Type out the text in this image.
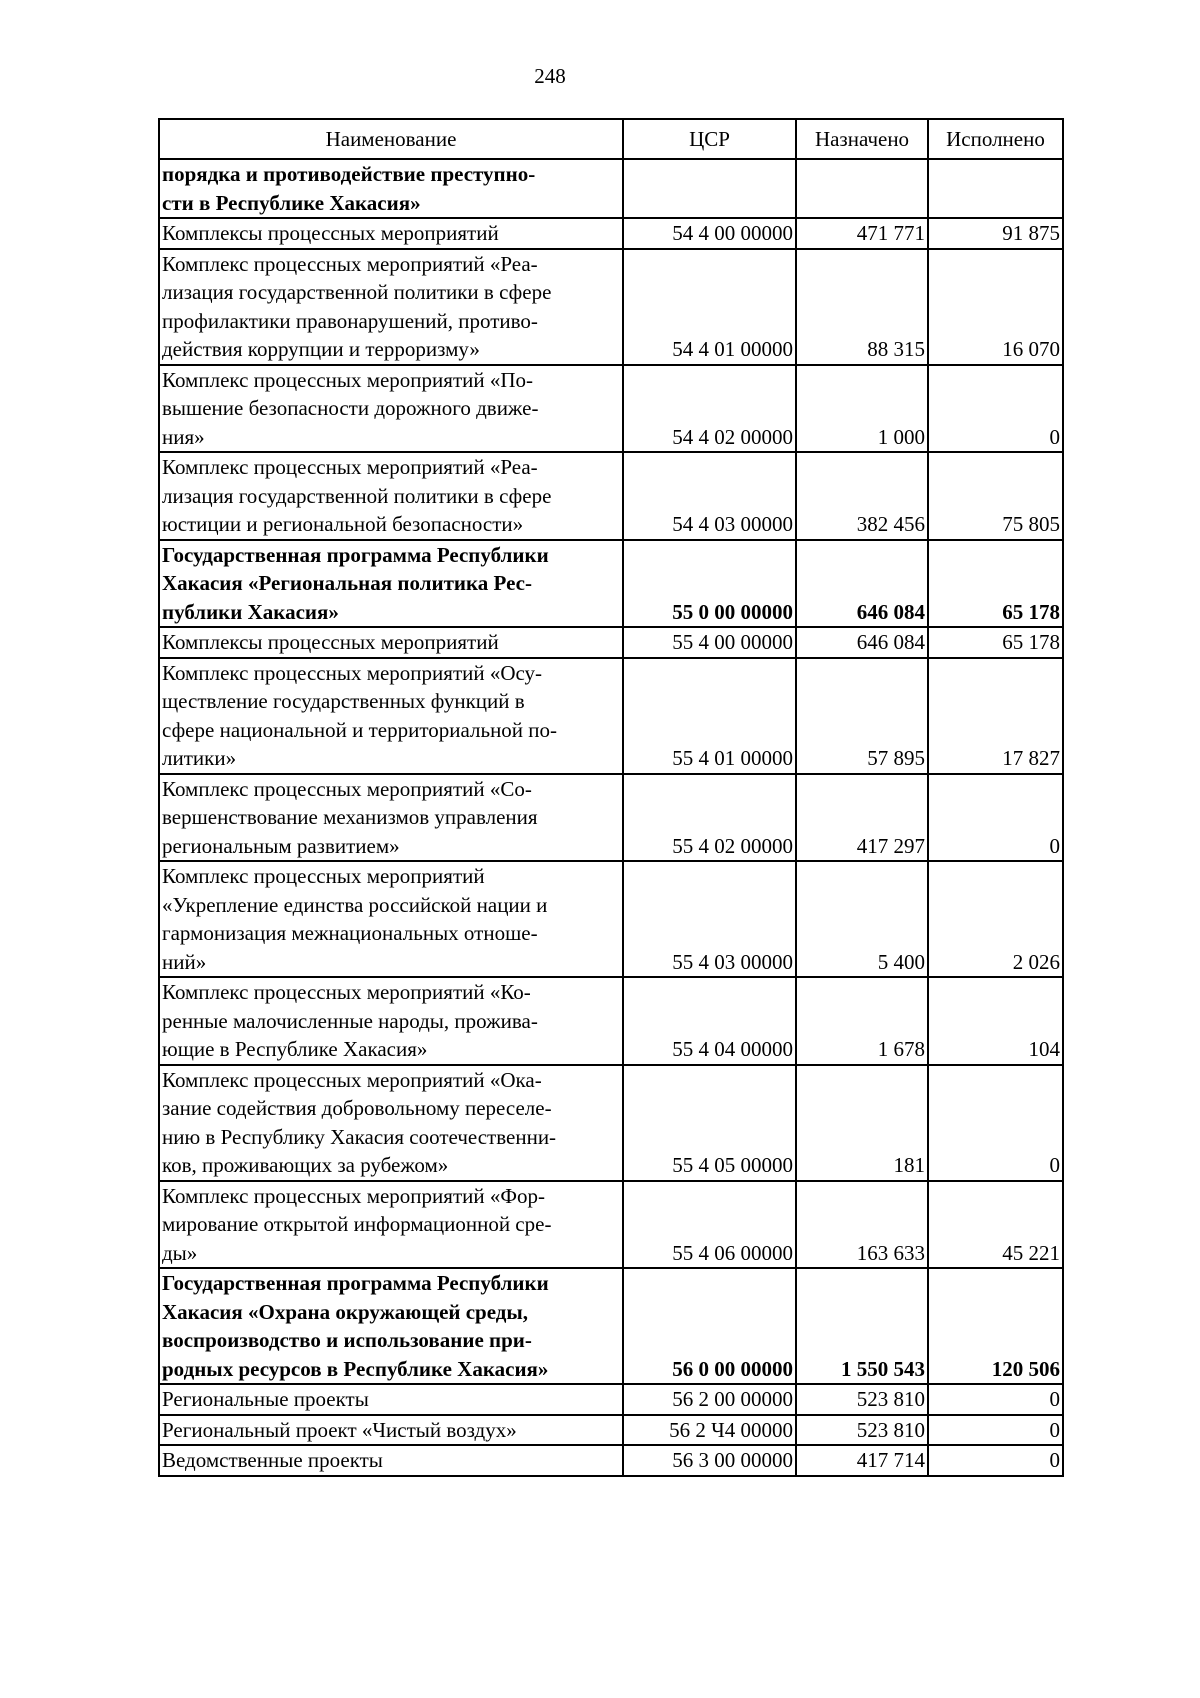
248
Наименование	ЦСР	Назначено	Исполнено
порядка и противодействие преступно-
сти в Республике Хакасия»			
Комплексы процессных мероприятий	54 4 00 00000	471 771	91 875
Комплекс процессных мероприятий «Реа-
лизация государственной политики в сфере
профилактики правонарушений, противо-
действия коррупции и терроризму»	54 4 01 00000	88 315	16 070
Комплекс процессных мероприятий «По-
вышение безопасности дорожного движе-
ния»	54 4 02 00000	1 000	0
Комплекс процессных мероприятий «Реа-
лизация государственной политики в сфере
юстиции и региональной безопасности»	54 4 03 00000	382 456	75 805
Государственная программа Республики
Хакасия «Региональная политика Рес-
публики Хакасия»	55 0 00 00000	646 084	65 178
Комплексы процессных мероприятий	55 4 00 00000	646 084	65 178
Комплекс процессных мероприятий «Осу-
ществление государственных функций в
сфере национальной и территориальной по-
литики»	55 4 01 00000	57 895	17 827
Комплекс процессных мероприятий «Со-
вершенствование механизмов управления
региональным развитием»	55 4 02 00000	417 297	0
Комплекс процессных мероприятий
«Укрепление единства российской нации и
гармонизация межнациональных отноше-
ний»	55 4 03 00000	5 400	2 026
Комплекс процессных мероприятий «Ко-
ренные малочисленные народы, прожива-
ющие в Республике Хакасия»	55 4 04 00000	1 678	104
Комплекс процессных мероприятий «Ока-
зание содействия добровольному переселе-
нию в Республику Хакасия соотечественни-
ков, проживающих за рубежом»	55 4 05 00000	181	0
Комплекс процессных мероприятий «Фор-
мирование открытой информационной сре-
ды»	55 4 06 00000	163 633	45 221
Государственная программа Республики
Хакасия «Охрана окружающей среды,
воспроизводство и использование при-
родных ресурсов в Республике Хакасия»	56 0 00 00000	1 550 543	120 506
Региональные проекты	56 2 00 00000	523 810	0
Региональный проект «Чистый воздух»	56 2 Ч4 00000	523 810	0
Ведомственные проекты	56 3 00 00000	417 714	0
